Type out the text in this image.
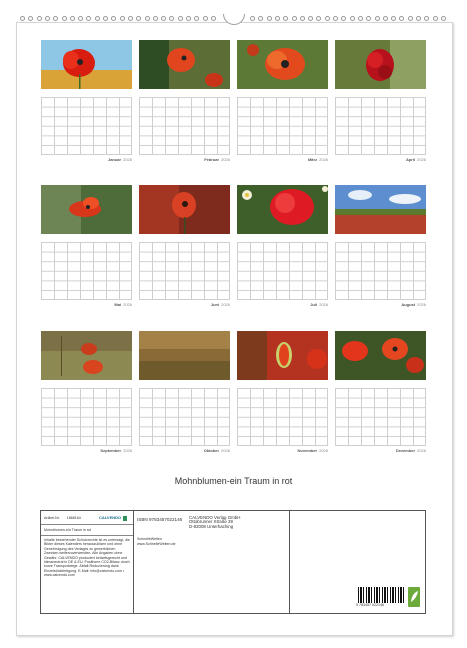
Januar 2026	Februar 2026	März 2026	April 2026
Mai 2026	Juni 2026	Juli 2026	August 2026
September 2026	Oktober 2026	November 2026	Dezember 2026
Mohnblumen-ein Traum in rot
Artikel-Nr. 1868164	CALVENDO
Mohnblumen-ein Traum in rot
Inhalte bestehender Schutzrechte ist es untersagt, die Bilder dieses Kalenders herauszulösen und ohne Genehmigung des Verlages zu gewerblichen Zwecken weiterzuverwenden. Alle Angaben ohne Gewähr. CALVENDO produziert bedarfsgerecht und klimaneutral in DE & EU. Positivere CO2-Bilanz durch kurze Transportwege. Abfall-Reduzierung dank Einzelstückfertigung. E-Mail: info@calvendo.com • www.calvendo.com
ISBN 9783457022146
SchnelleWelten
www.SchnelleWelten.de
CALVENDO Verlag GmbH
Ottobrunner Straße 39
D-82008 Unterhaching
9 783457 022146
